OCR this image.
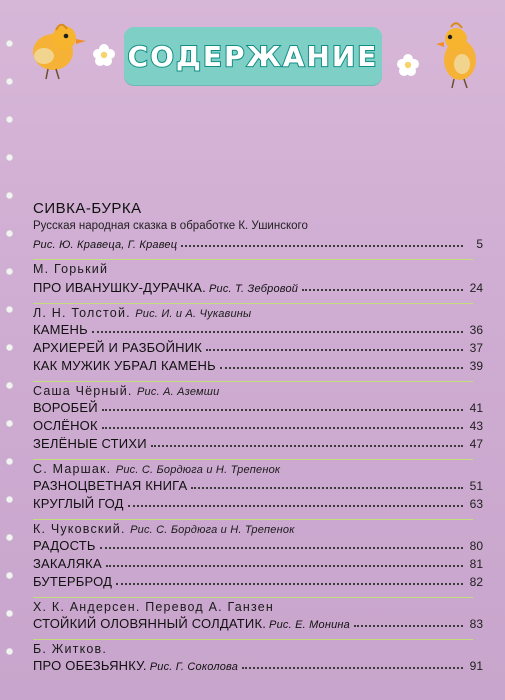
СОДЕРЖАНИЕ
СИВКА-БУРКА
Русская народная сказка в обработке К. Ушинского
Рис. Ю. Кравеца, Г. Кравец	5
М. Горький
ПРО ИВАНУШКУ-ДУРАЧКА. Рис. Т. Зебровой	24
Л. Н. Толстой. Рис. И. и А. Чукавины
КАМЕНЬ	36
АРХИЕРЕЙ И РАЗБОЙНИК	37
КАК МУЖИК УБРАЛ КАМЕНЬ	39
Саша Чёрный. Рис. А. Аземши
ВОРОБЕЙ	41
ОСЛЁНОК	43
ЗЕЛЁНЫЕ СТИХИ	47
С. Маршак. Рис. С. Бордюга и Н. Трепенок
РАЗНОЦВЕТНАЯ КНИГА	51
КРУГЛЫЙ ГОД	63
К. Чуковский. Рис. С. Бордюга и Н. Трепенок
РАДОСТЬ	80
ЗАКАЛЯКА	81
БУТЕРБРОД	82
Х. К. Андерсен. Перевод А. Ганзен
СТОЙКИЙ ОЛОВЯННЫЙ СОЛДАТИК. Рис. Е. Монина	83
Б. Житков.
ПРО ОБЕЗЬЯНКУ. Рис. Г. Соколова	91
